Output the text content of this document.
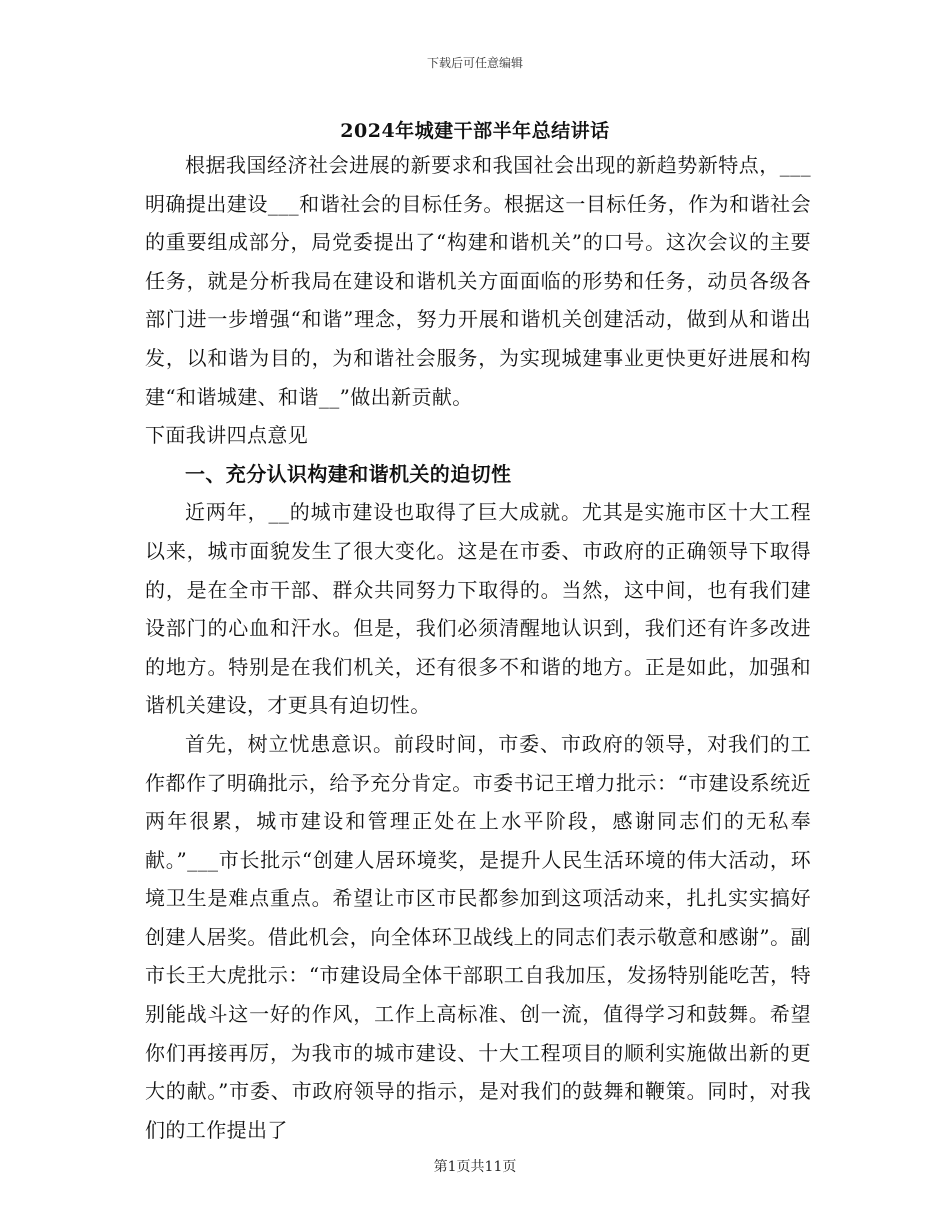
下载后可任意编辑
2024年城建干部半年总结讲话

根据我国经济社会进展的新要求和我国社会出现的新趋势新特点，___明确提出建设___和谐社会的目标任务。根据这一目标任务，作为和谐社会的重要组成部分，局党委提出了“构建和谐机关”的口号。这次会议的主要任务，就是分析我局在建设和谐机关方面面临的形势和任务，动员各级各部门进一步增强“和谐”理念，努力开展和谐机关创建活动，做到从和谐出发，以和谐为目的，为和谐社会服务，为实现城建事业更快更好进展和构建“和谐城建、和谐__”做出新贡献。

下面我讲四点意见

一、充分认识构建和谐机关的迫切性

近两年，__的城市建设也取得了巨大成就。尤其是实施市区十大工程以来，城市面貌发生了很大变化。这是在市委、市政府的正确领导下取得的，是在全市干部、群众共同努力下取得的。当然，这中间，也有我们建设部门的心血和汗水。但是，我们必须清醒地认识到，我们还有许多改进的地方。特别是在我们机关，还有很多不和谐的地方。正是如此，加强和谐机关建设，才更具有迫切性。

首先，树立忧患意识。前段时间，市委、市政府的领导，对我们的工作都作了明确批示，给予充分肯定。市委书记王增力批示：“市建设系统近两年很累，城市建设和管理正处在上水平阶段，感谢同志们的无私奉献。”___市长批示“创建人居环境奖，是提升人民生活环境的伟大活动，环境卫生是难点重点。希望让市区市民都参加到这项活动来，扎扎实实搞好创建人居奖。借此机会，向全体环卫战线上的同志们表示敬意和感谢”。副市长王大虎批示：“市建设局全体干部职工自我加压，发扬特别能吃苦，特别能战斗这一好的作风，工作上高标准、创一流，值得学习和鼓舞。希望你们再接再厉，为我市的城市建设、十大工程项目的顺利实施做出新的更大的献。”市委、市政府领导的指示，是对我们的鼓舞和鞭策。同时，对我们的工作提出了

第1页共11页
